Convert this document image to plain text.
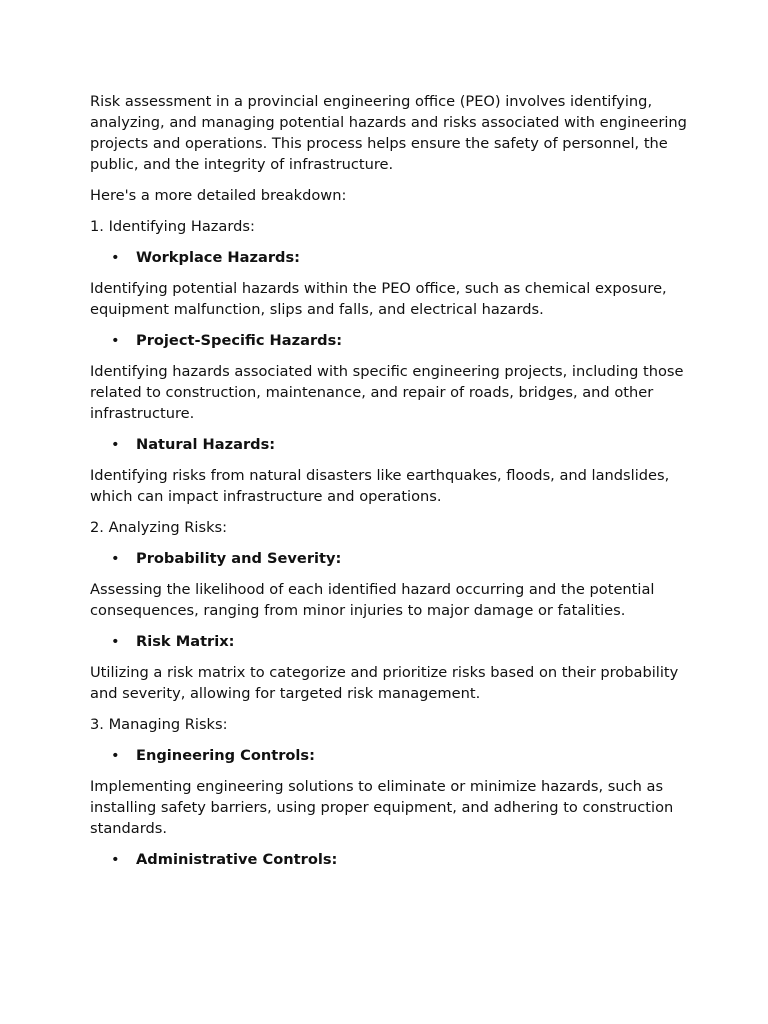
Risk assessment in a provincial engineering office (PEO) involves identifying, analyzing, and managing potential hazards and risks associated with engineering projects and operations. This process helps ensure the safety of personnel, the public, and the integrity of infrastructure.

Here's a more detailed breakdown:

1. Identifying Hazards:

• Workplace Hazards:

Identifying potential hazards within the PEO office, such as chemical exposure, equipment malfunction, slips and falls, and electrical hazards.

• Project-Specific Hazards:

Identifying hazards associated with specific engineering projects, including those related to construction, maintenance, and repair of roads, bridges, and other infrastructure.

• Natural Hazards:

Identifying risks from natural disasters like earthquakes, floods, and landslides, which can impact infrastructure and operations.

2. Analyzing Risks:

• Probability and Severity:

Assessing the likelihood of each identified hazard occurring and the potential consequences, ranging from minor injuries to major damage or fatalities.

• Risk Matrix:

Utilizing a risk matrix to categorize and prioritize risks based on their probability and severity, allowing for targeted risk management.

3. Managing Risks:

• Engineering Controls:

Implementing engineering solutions to eliminate or minimize hazards, such as installing safety barriers, using proper equipment, and adhering to construction standards.

• Administrative Controls:
